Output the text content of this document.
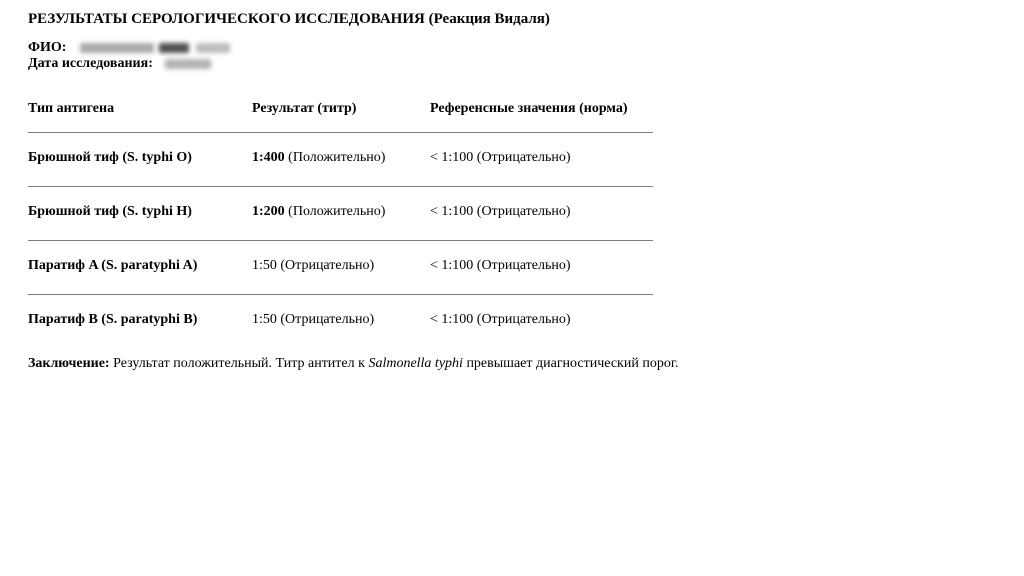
РЕЗУЛЬТАТЫ СЕРОЛОГИЧЕСКОГО ИССЛЕДОВАНИЯ (Реакция Видаля)
ФИО:
Дата исследования:
Тип антигена	Результат (титр)	Референсные значения (норма)
Брюшной тиф (S. typhi O)	1:400 (Положительно)	< 1:100 (Отрицательно)
Брюшной тиф (S. typhi H)	1:200 (Положительно)	< 1:100 (Отрицательно)
Паратиф A (S. paratyphi A)	1:50 (Отрицательно)	< 1:100 (Отрицательно)
Паратиф B (S. paratyphi B)	1:50 (Отрицательно)	< 1:100 (Отрицательно)
Заключение: Результат положительный. Титр антител к Salmonella typhi превышает диагностический порог.
